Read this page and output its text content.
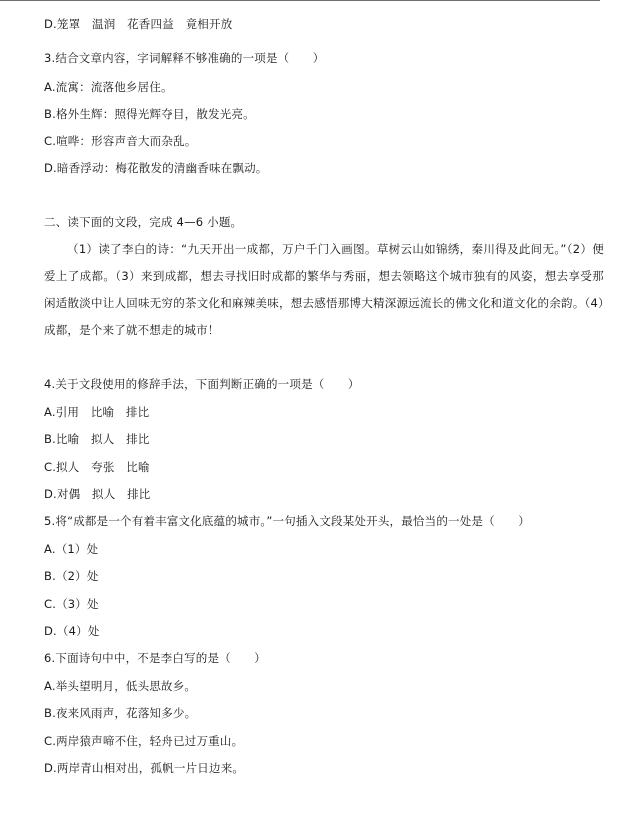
D.笼罩　温润　花香四益　竟相开放
3.结合文章内容，字词解释不够准确的一项是（　　）
A.流寓：流落他乡居住。
B.格外生辉：照得光辉夺目，散发光亮。
C.喧哗：形容声音大而杂乱。
D.暗香浮动：梅花散发的清幽香味在飘动。
二、读下面的文段，完成 4—6 小题。
（1）读了李白的诗：“九天开出一成都，万户千门入画图。草树云山如锦绣，秦川得及此间无。”（2）便爱上了成都。（3）来到成都，想去寻找旧时成都的繁华与秀丽，想去领略这个城市独有的风姿，想去享受那闲适散淡中让人回味无穷的茶文化和麻辣美味，想去感悟那博大精深源远流长的佛文化和道文化的余韵。（4）成都，是个来了就不想走的城市！
4.关于文段使用的修辞手法，下面判断正确的一项是（　　）
A.引用　比喻　排比
B.比喻　拟人　排比
C.拟人　夸张　比喻
D.对偶　拟人　排比
5.将“成都是一个有着丰富文化底蕴的城市。”一句插入文段某处开头，最恰当的一处是（　　）
A.（1）处
B.（2）处
C.（3）处
D.（4）处
6.下面诗句中中，不是李白写的是（　　）
A.举头望明月，低头思故乡。
B.夜来风雨声，花落知多少。
C.两岸猿声啼不住，轻舟已过万重山。
D.两岸青山相对出，孤帆一片日边来。
